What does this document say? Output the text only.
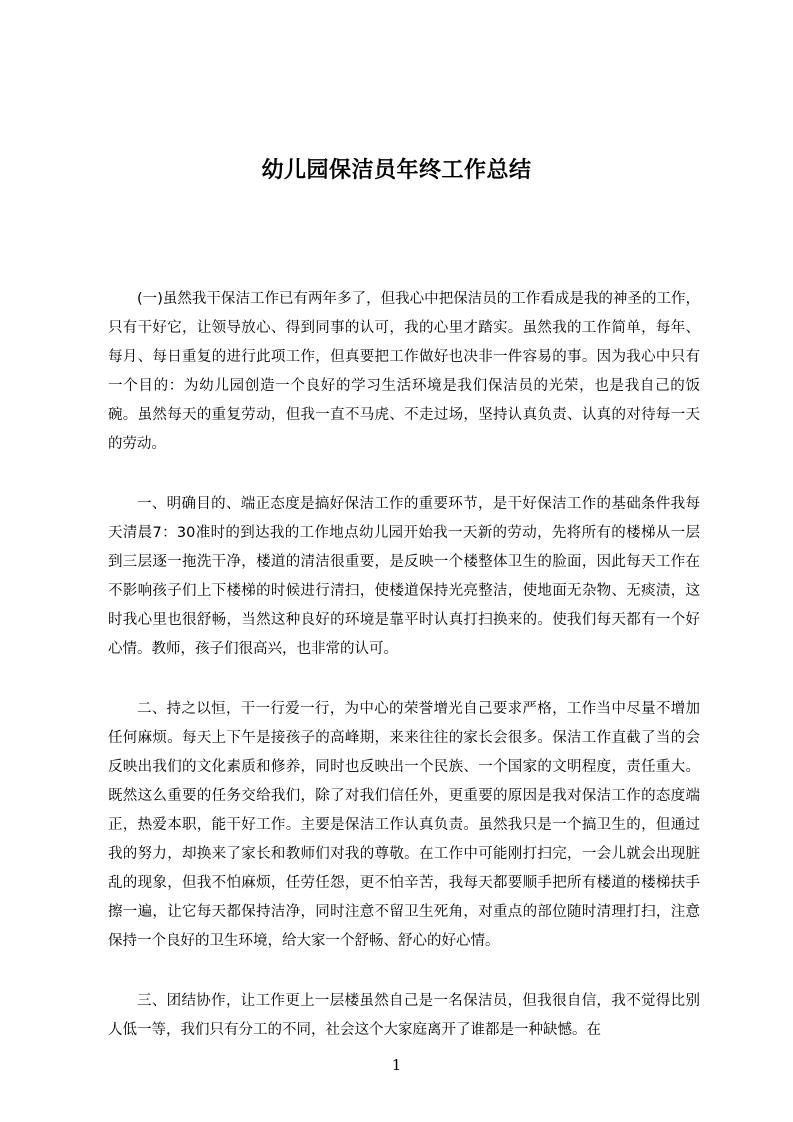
幼儿园保洁员年终工作总结

(一)虽然我干保洁工作已有两年多了，但我心中把保洁员的工作看成是我的神圣的工作，只有干好它，让领导放心、得到同事的认可，我的心里才踏实。虽然我的工作简单，每年、每月、每日重复的进行此项工作，但真要把工作做好也决非一件容易的事。因为我心中只有一个目的：为幼儿园创造一个良好的学习生活环境是我们保洁员的光荣，也是我自己的饭碗。虽然每天的重复劳动，但我一直不马虎、不走过场，坚持认真负责、认真的对待每一天的劳动。

一、明确目的、端正态度是搞好保洁工作的重要环节，是干好保洁工作的基础条件我每天清晨7：30准时的到达我的工作地点幼儿园开始我一天新的劳动，先将所有的楼梯从一层到三层逐一拖洗干净，楼道的清洁很重要，是反映一个楼整体卫生的脸面，因此每天工作在不影响孩子们上下楼梯的时候进行清扫，使楼道保持光亮整洁，使地面无杂物、无痰渍，这时我心里也很舒畅，当然这种良好的环境是靠平时认真打扫换来的。使我们每天都有一个好心情。教师，孩子们很高兴，也非常的认可。

二、持之以恒，干一行爱一行，为中心的荣誉增光自己要求严格，工作当中尽量不增加任何麻烦。每天上下午是接孩子的高峰期，来来往往的家长会很多。保洁工作直截了当的会反映出我们的文化素质和修养，同时也反映出一个民族、一个国家的文明程度，责任重大。既然这么重要的任务交给我们，除了对我们信任外，更重要的原因是我对保洁工作的态度端正，热爱本职，能干好工作。主要是保洁工作认真负责。虽然我只是一个搞卫生的，但通过我的努力，却换来了家长和教师们对我的尊敬。在工作中可能刚打扫完，一会儿就会出现脏乱的现象，但我不怕麻烦，任劳任怨，更不怕辛苦，我每天都要顺手把所有楼道的楼梯扶手擦一遍，让它每天都保持洁净，同时注意不留卫生死角，对重点的部位随时清理打扫，注意保持一个良好的卫生环境，给大家一个舒畅、舒心的好心情。

三、团结协作，让工作更上一层楼虽然自己是一名保洁员，但我很自信，我不觉得比别人低一等，我们只有分工的不同，社会这个大家庭离开了谁都是一种缺憾。在

1
